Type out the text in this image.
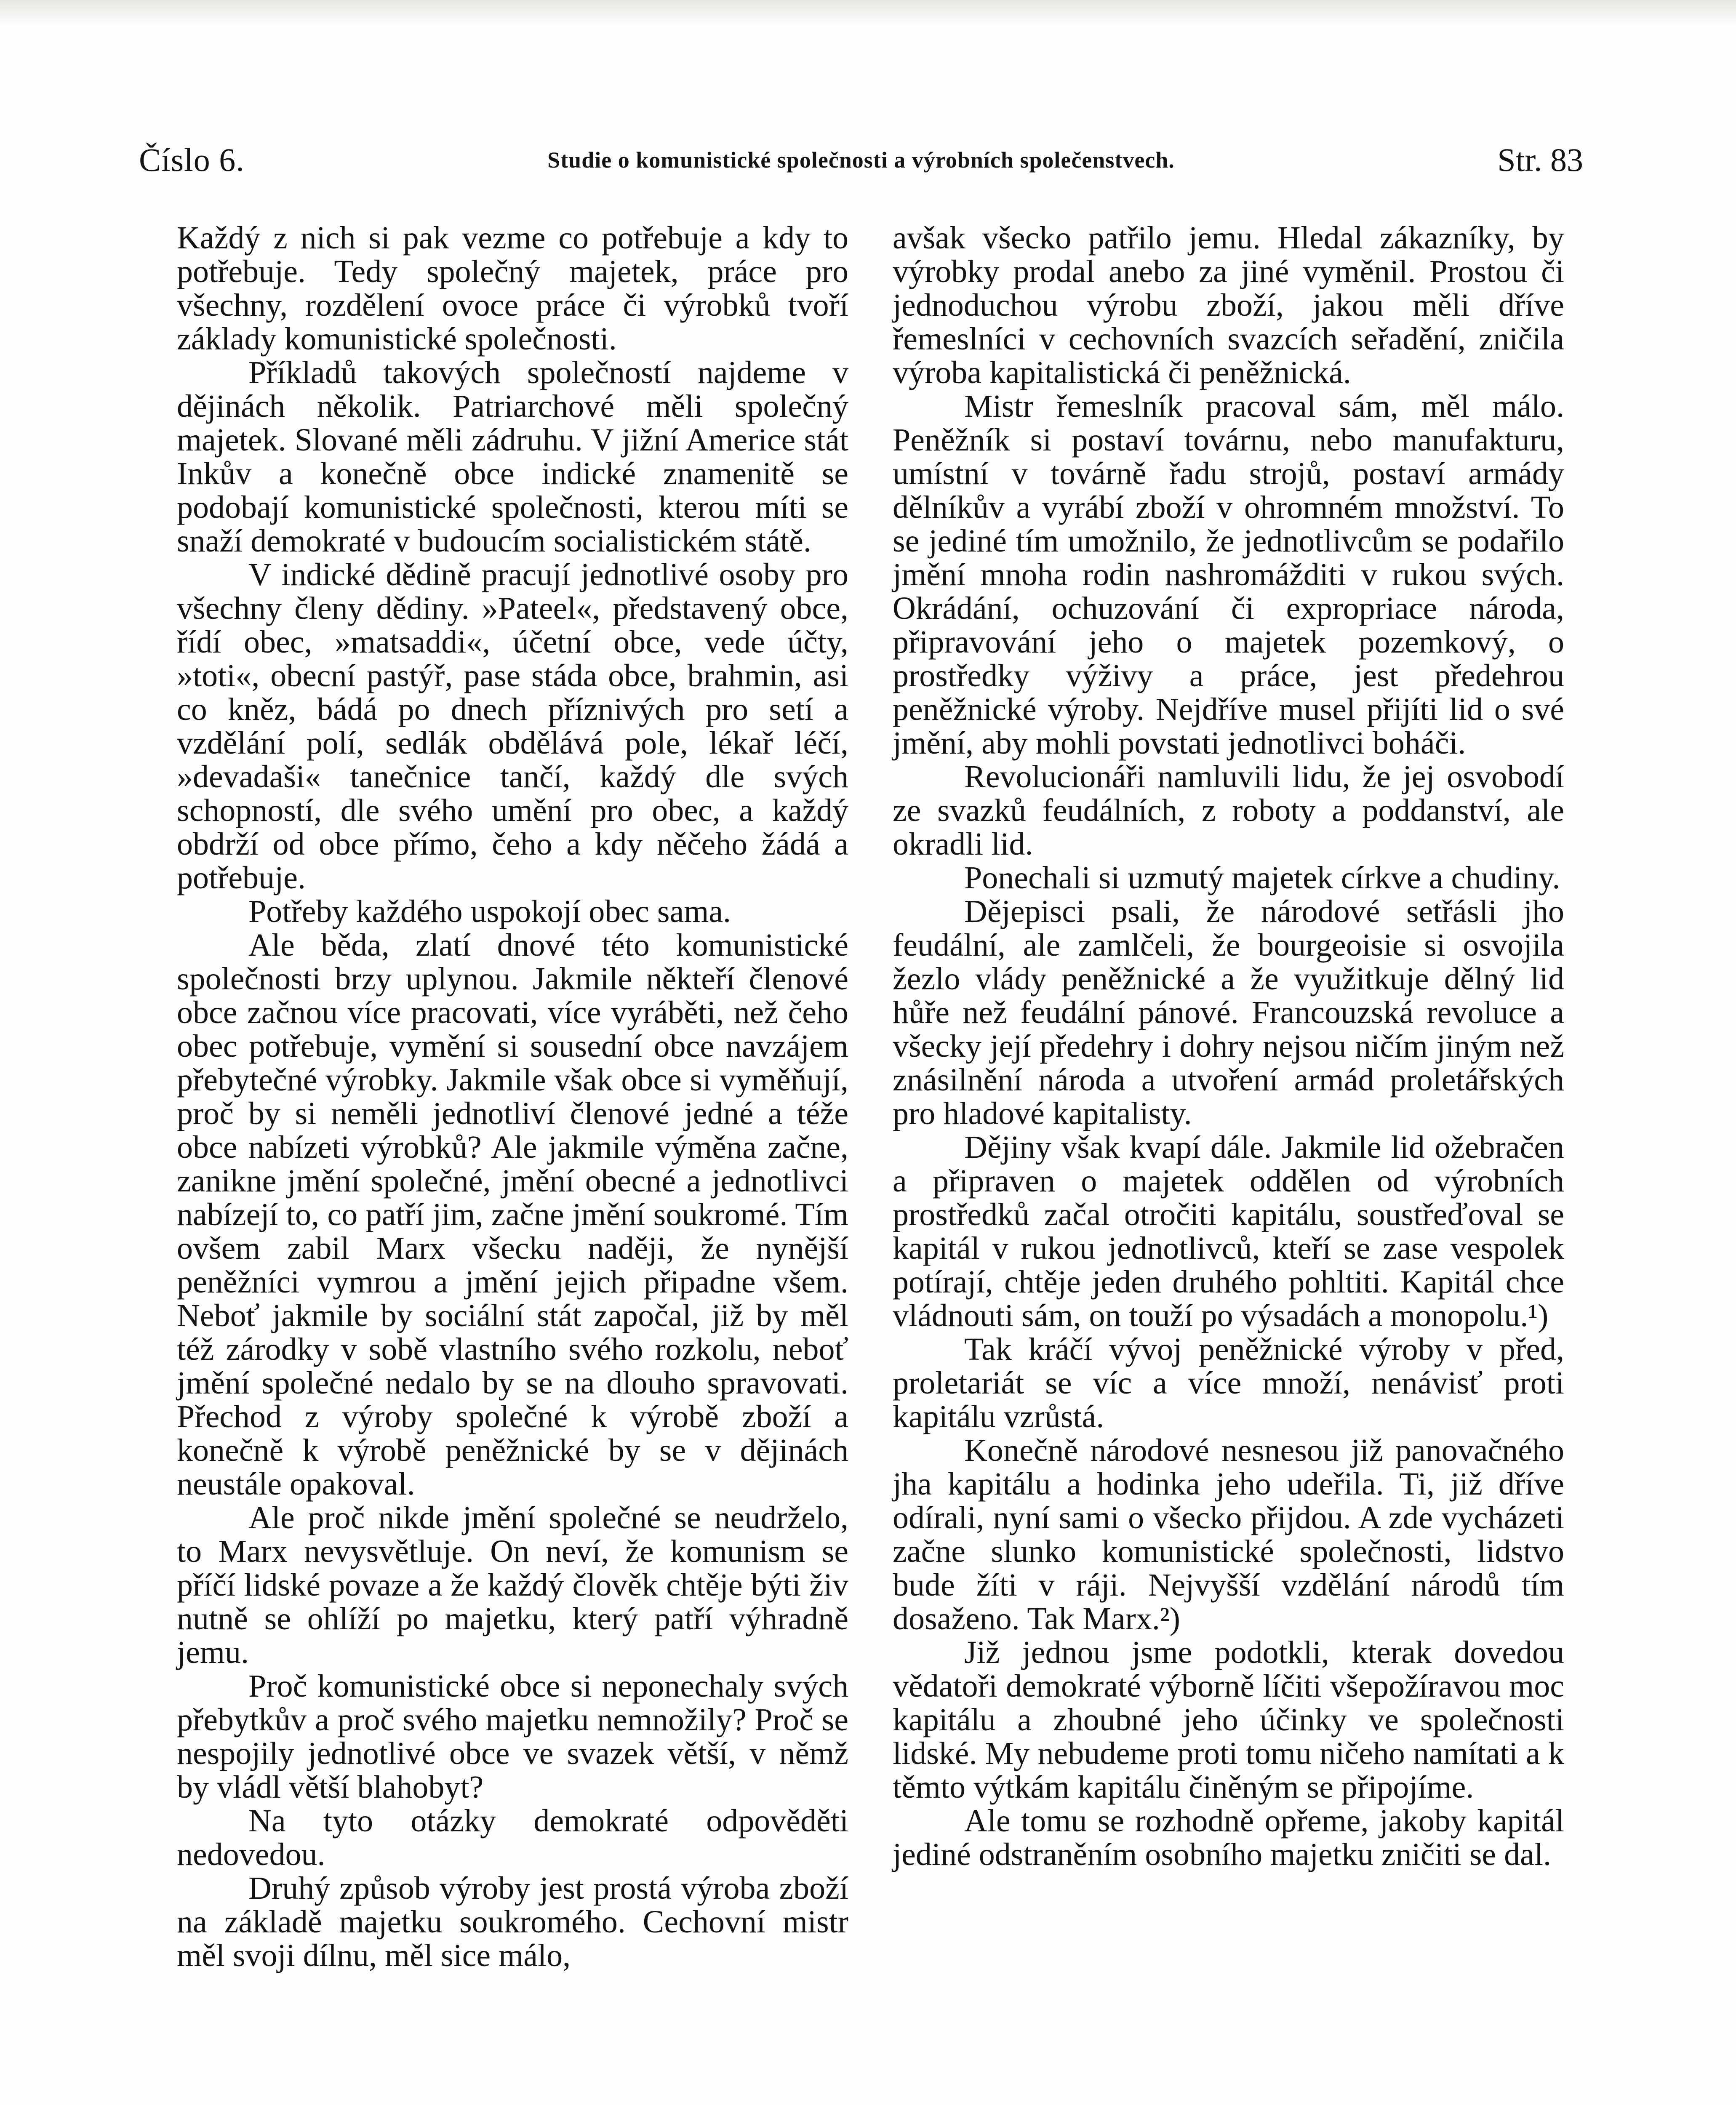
Číslo 6.	Studie o komunistické společnosti a výrobních společenstvech.	Str. 83

Každý z nich si pak vezme co potřebuje a kdy to potřebuje. Tedy společný majetek, práce pro všechny, rozdělení ovoce práce či výrobků tvoří základy komunistické společnosti.

Příkladů takových společností najdeme v dějinách několik. Patriarchové měli společný majetek. Slované měli zádruhu. V jižní Americe stát Inkův a konečně obce indické znamenitě se podobají komunistické společnosti, kterou míti se snaží demokraté v budoucím socialistickém státě.

V indické dědině pracují jednotlivé osoby pro všechny členy dědiny. »Pateel«, představený obce, řídí obec, »matsaddi«, účetní obce, vede účty, »toti«, obecní pastýř, pase stáda obce, brahmin, asi co kněz, bádá po dnech příznivých pro setí a vzdělání polí, sedlák obdělává pole, lékař léčí, »devadaši« tanečnice tančí, každý dle svých schopností, dle svého umění pro obec, a každý obdrží od obce přímo, čeho a kdy něčeho žádá a potřebuje.

Potřeby každého uspokojí obec sama.

Ale běda, zlatí dnové této komunistické společnosti brzy uplynou. Jakmile někteří členové obce začnou více pracovati, více vyráběti, než čeho obec potřebuje, vymění si sousední obce navzájem přebytečné výrobky. Jakmile však obce si vyměňují, proč by si neměli jednotliví členové jedné a téže obce nabízeti výrobků? Ale jakmile výměna začne, zanikne jmění společné, jmění obecné a jednotlivci nabízejí to, co patří jim, začne jmění soukromé. Tím ovšem zabil Marx všecku naději, že nynější peněžníci vymrou a jmění jejich připadne všem. Neboť jakmile by sociální stát započal, již by měl též zárodky v sobě vlastního svého rozkolu, neboť jmění společné nedalo by se na dlouho spravovati. Přechod z výroby společné k výrobě zboží a konečně k výrobě peněžnické by se v dějinách neustále opakoval.

Ale proč nikde jmění společné se neudrželo, to Marx nevysvětluje. On neví, že komunism se příčí lidské povaze a že každý člověk chtěje býti živ nutně se ohlíží po majetku, který patří výhradně jemu.

Proč komunistické obce si neponechaly svých přebytkův a proč svého majetku nemnožily? Proč se nespojily jednotlivé obce ve svazek větší, v němž by vládl větší blahobyt?

Na tyto otázky demokraté odpověděti nedovedou.

Druhý způsob výroby jest prostá výroba zboží na základě majetku soukromého. Cechovní mistr měl svoji dílnu, měl sice málo,

avšak všecko patřilo jemu. Hledal zákazníky, by výrobky prodal anebo za jiné vyměnil. Prostou či jednoduchou výrobu zboží, jakou měli dříve řemeslníci v cechovních svazcích seřadění, zničila výroba kapitalistická či peněžnická.

Mistr řemeslník pracoval sám, měl málo. Peněžník si postaví továrnu, nebo manufakturu, umístní v továrně řadu strojů, postaví armády dělníkův a vyrábí zboží v ohromném množství. To se jediné tím umožnilo, že jednotlivcům se podařilo jmění mnoha rodin nashromážditi v rukou svých. Okrádání, ochuzování či expropriace národa, připravování jeho o majetek pozemkový, o prostředky výživy a práce, jest předehrou peněžnické výroby. Nejdříve musel přijíti lid o své jmění, aby mohli povstati jednotlivci boháči.

Revolucionáři namluvili lidu, že jej osvobodí ze svazků feudálních, z roboty a poddanství, ale okradli lid.

Ponechali si uzmutý majetek církve a chudiny.

Dějepisci psali, že národové setřásli jho feudální, ale zamlčeli, že bourgeoisie si osvojila žezlo vlády peněžnické a že využitkuje dělný lid hůře než feudální pánové. Francouzská revoluce a všecky její předehry i dohry nejsou ničím jiným než znásilnění národa a utvoření armád proletářských pro hladové kapitalisty.

Dějiny však kvapí dále. Jakmile lid ožebračen a připraven o majetek oddělen od výrobních prostředků začal otročiti kapitálu, soustřeďoval se kapitál v rukou jednotlivců, kteří se zase vespolek potírají, chtěje jeden druhého pohltiti. Kapitál chce vládnouti sám, on touží po výsadách a monopolu.¹)

Tak kráčí vývoj peněžnické výroby v před, proletariát se víc a více množí, nenávisť proti kapitálu vzrůstá.

Konečně národové nesnesou již panovačného jha kapitálu a hodinka jeho udeřila. Ti, již dříve odírali, nyní sami o všecko přijdou. A zde vycházeti začne slunko komunistické společnosti, lidstvo bude žíti v ráji. Nejvyšší vzdělání národů tím dosaženo. Tak Marx.²)

Již jednou jsme podotkli, kterak dovedou vědatoři demokraté výborně líčiti všepožíravou moc kapitálu a zhoubné jeho účinky ve společnosti lidské. My nebudeme proti tomu ničeho namítati a k těmto výtkám kapitálu činěným se připojíme.

Ale tomu se rozhodně opřeme, jakoby kapitál jediné odstraněním osobního majetku zničiti se dal.
